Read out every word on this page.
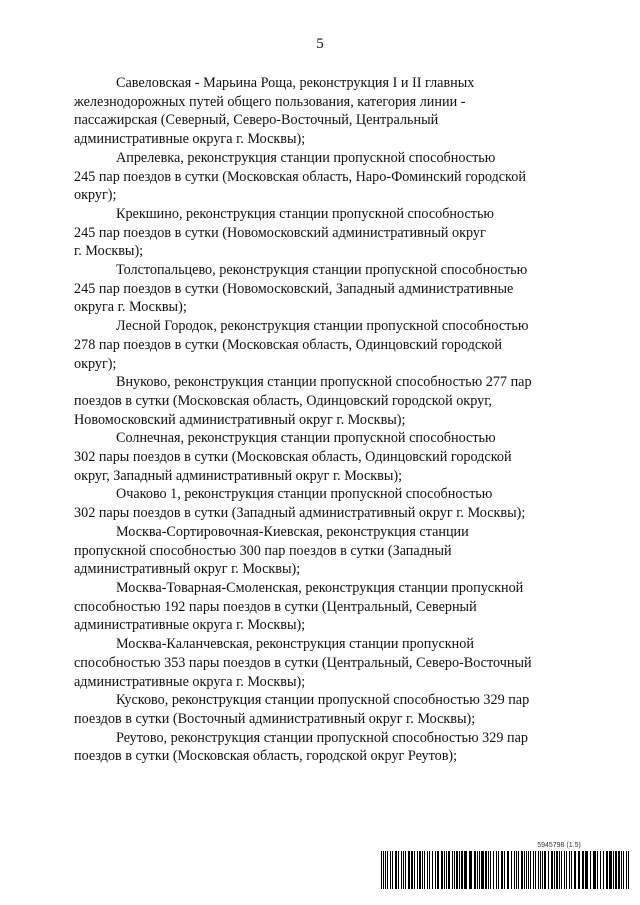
5

Савеловская - Марьина Роща, реконструкция I и II главных
железнодорожных путей общего пользования, категория линии -
пассажирская (Северный, Северо-Восточный, Центральный
административные округа г. Москвы);

Апрелевка, реконструкция станции пропускной способностью
245 пар поездов в сутки (Московская область, Наро-Фоминский городской
округ);

Крекшино, реконструкция станции пропускной способностью
245 пар поездов в сутки (Новомосковский административный округ
г. Москвы);

Толстопальцево, реконструкция станции пропускной способностью
245 пар поездов в сутки (Новомосковский, Западный административные
округа г. Москвы);

Лесной Городок, реконструкция станции пропускной способностью
278 пар поездов в сутки (Московская область, Одинцовский городской
округ);

Внуково, реконструкция станции пропускной способностью 277 пар
поездов в сутки (Московская область, Одинцовский городской округ,
Новомосковский административный округ г. Москвы);

Солнечная, реконструкция станции пропускной способностью
302 пары поездов в сутки (Московская область, Одинцовский городской
округ, Западный административный округ г. Москвы);

Очаково 1, реконструкция станции пропускной способностью
302 пары поездов в сутки (Западный административный округ г. Москвы);

Москва-Сортировочная-Киевская, реконструкция станции
пропускной способностью 300 пар поездов в сутки (Западный
административный округ г. Москвы);

Москва-Товарная-Смоленская, реконструкция станции пропускной
способностью 192 пары поездов в сутки (Центральный, Северный
административные округа г. Москвы);

Москва-Каланчевская, реконструкция станции пропускной
способностью 353 пары поездов в сутки (Центральный, Северо-Восточный
административные округа г. Москвы);

Кусково, реконструкция станции пропускной способностью 329 пар
поездов в сутки (Восточный административный округ г. Москвы);

Реутово, реконструкция станции пропускной способностью 329 пар
поездов в сутки (Московская область, городской округ Реутов);

5945798 (1.5)
